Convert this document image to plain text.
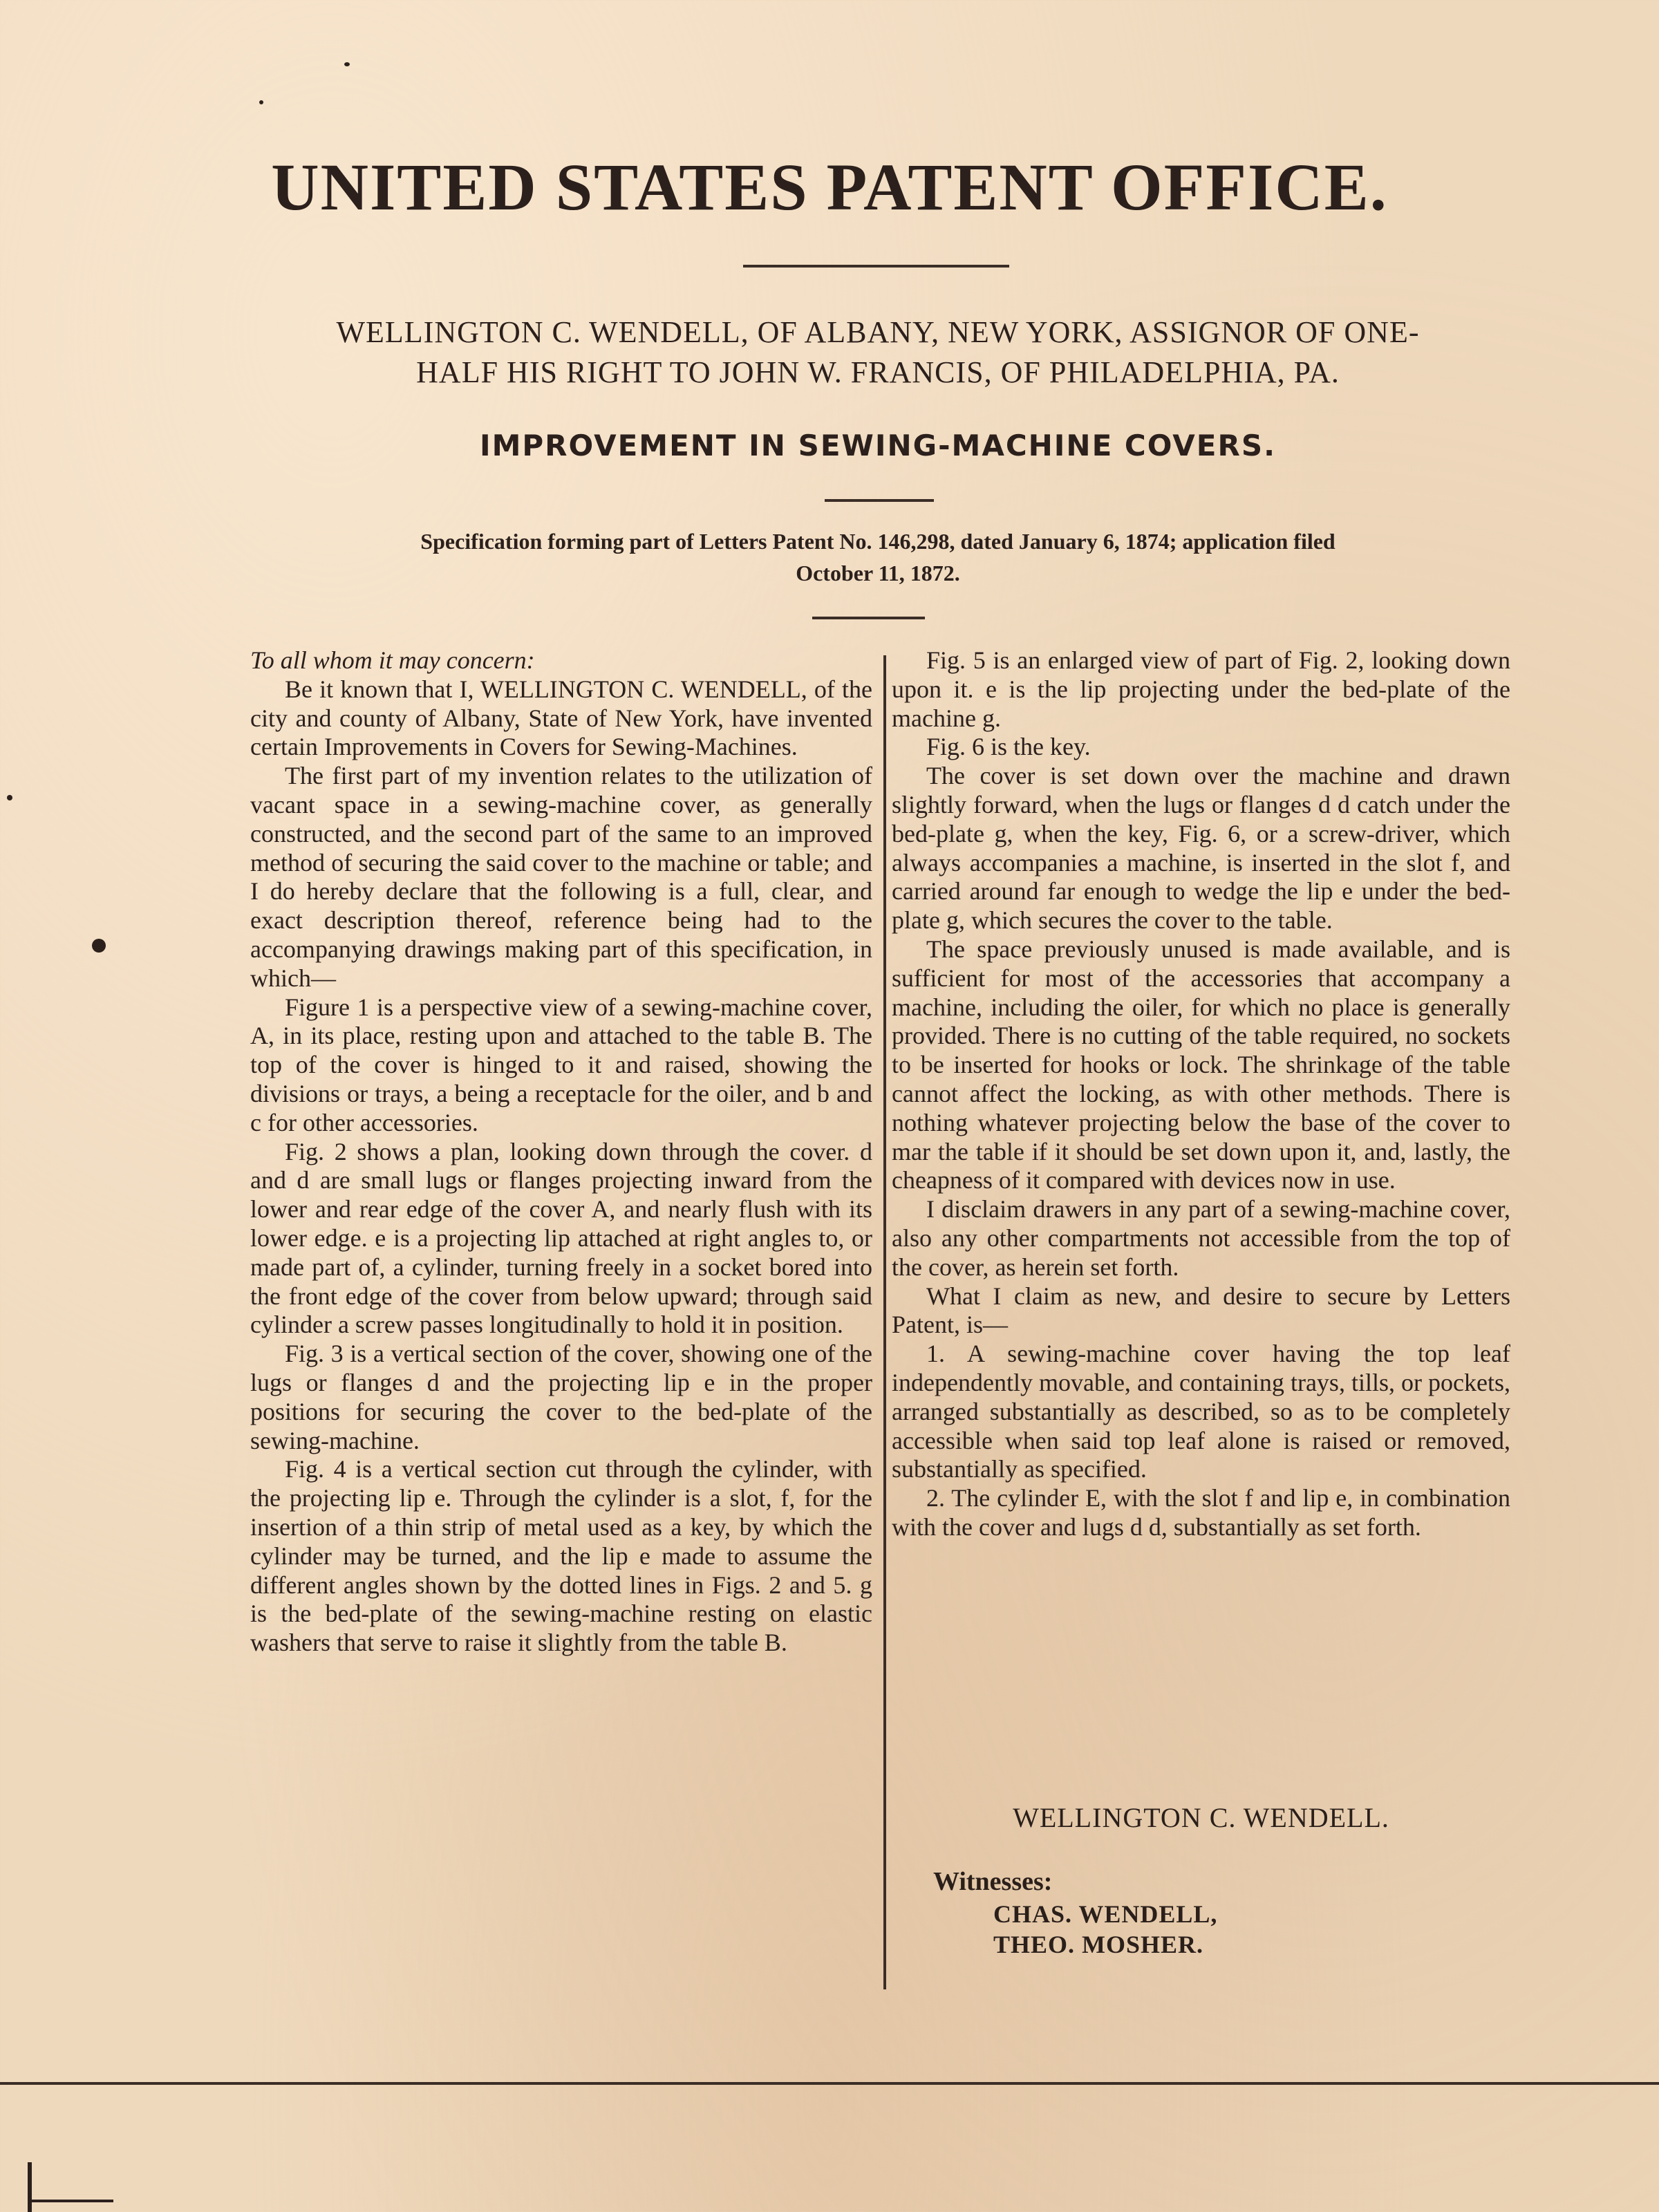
UNITED STATES PATENT OFFICE.
WELLINGTON C. WENDELL, OF ALBANY, NEW YORK, ASSIGNOR OF ONE-
HALF HIS RIGHT TO JOHN W. FRANCIS, OF PHILADELPHIA, PA.
IMPROVEMENT IN SEWING-MACHINE COVERS.
Specification forming part of Letters Patent No. 146,298, dated January 6, 1874; application filed
October 11, 1872.

To all whom it may concern:

Be it known that I, WELLINGTON C. WENDELL, of the city and county of Albany, State of New York, have invented certain Improvements in Covers for Sewing-Machines.

The first part of my invention relates to the utilization of vacant space in a sewing-machine cover, as generally constructed, and the second part of the same to an improved method of securing the said cover to the machine or table; and I do hereby declare that the following is a full, clear, and exact description thereof, reference being had to the accompanying drawings making part of this specification, in which—

Figure 1 is a perspective view of a sewing-machine cover, A, in its place, resting upon and attached to the table B. The top of the cover is hinged to it and raised, showing the divisions or trays, a being a receptacle for the oiler, and b and c for other accessories.

Fig. 2 shows a plan, looking down through the cover. d and d are small lugs or flanges projecting inward from the lower and rear edge of the cover A, and nearly flush with its lower edge. e is a projecting lip attached at right angles to, or made part of, a cylinder, turning freely in a socket bored into the front edge of the cover from below upward; through said cylinder a screw passes longitudinally to hold it in position.

Fig. 3 is a vertical section of the cover, showing one of the lugs or flanges d and the projecting lip e in the proper positions for securing the cover to the bed-plate of the sewing-machine.

Fig. 4 is a vertical section cut through the cylinder, with the projecting lip e. Through the cylinder is a slot, f, for the insertion of a thin strip of metal used as a key, by which the cylinder may be turned, and the lip e made to assume the different angles shown by the dotted lines in Figs. 2 and 5. g is the bed-plate of the sewing-machine resting on elastic washers that serve to raise it slightly from the table B.

Fig. 5 is an enlarged view of part of Fig. 2, looking down upon it. e is the lip projecting under the bed-plate of the machine g.

Fig. 6 is the key.

The cover is set down over the machine and drawn slightly forward, when the lugs or flanges d d catch under the bed-plate g, when the key, Fig. 6, or a screw-driver, which always accompanies a machine, is inserted in the slot f, and carried around far enough to wedge the lip e under the bed-plate g, which secures the cover to the table.

The space previously unused is made available, and is sufficient for most of the accessories that accompany a machine, including the oiler, for which no place is generally provided. There is no cutting of the table required, no sockets to be inserted for hooks or lock. The shrinkage of the table cannot affect the locking, as with other methods. There is nothing whatever projecting below the base of the cover to mar the table if it should be set down upon it, and, lastly, the cheapness of it compared with devices now in use.

I disclaim drawers in any part of a sewing-machine cover, also any other compartments not accessible from the top of the cover, as herein set forth.

What I claim as new, and desire to secure by Letters Patent, is—

1. A sewing-machine cover having the top leaf independently movable, and containing trays, tills, or pockets, arranged substantially as described, so as to be completely accessible when said top leaf alone is raised or removed, substantially as specified.

2. The cylinder E, with the slot f and lip e, in combination with the cover and lugs d d, substantially as set forth.

WELLINGTON C. WENDELL.
Witnesses:
CHAS. WENDELL,
THEO. MOSHER.
